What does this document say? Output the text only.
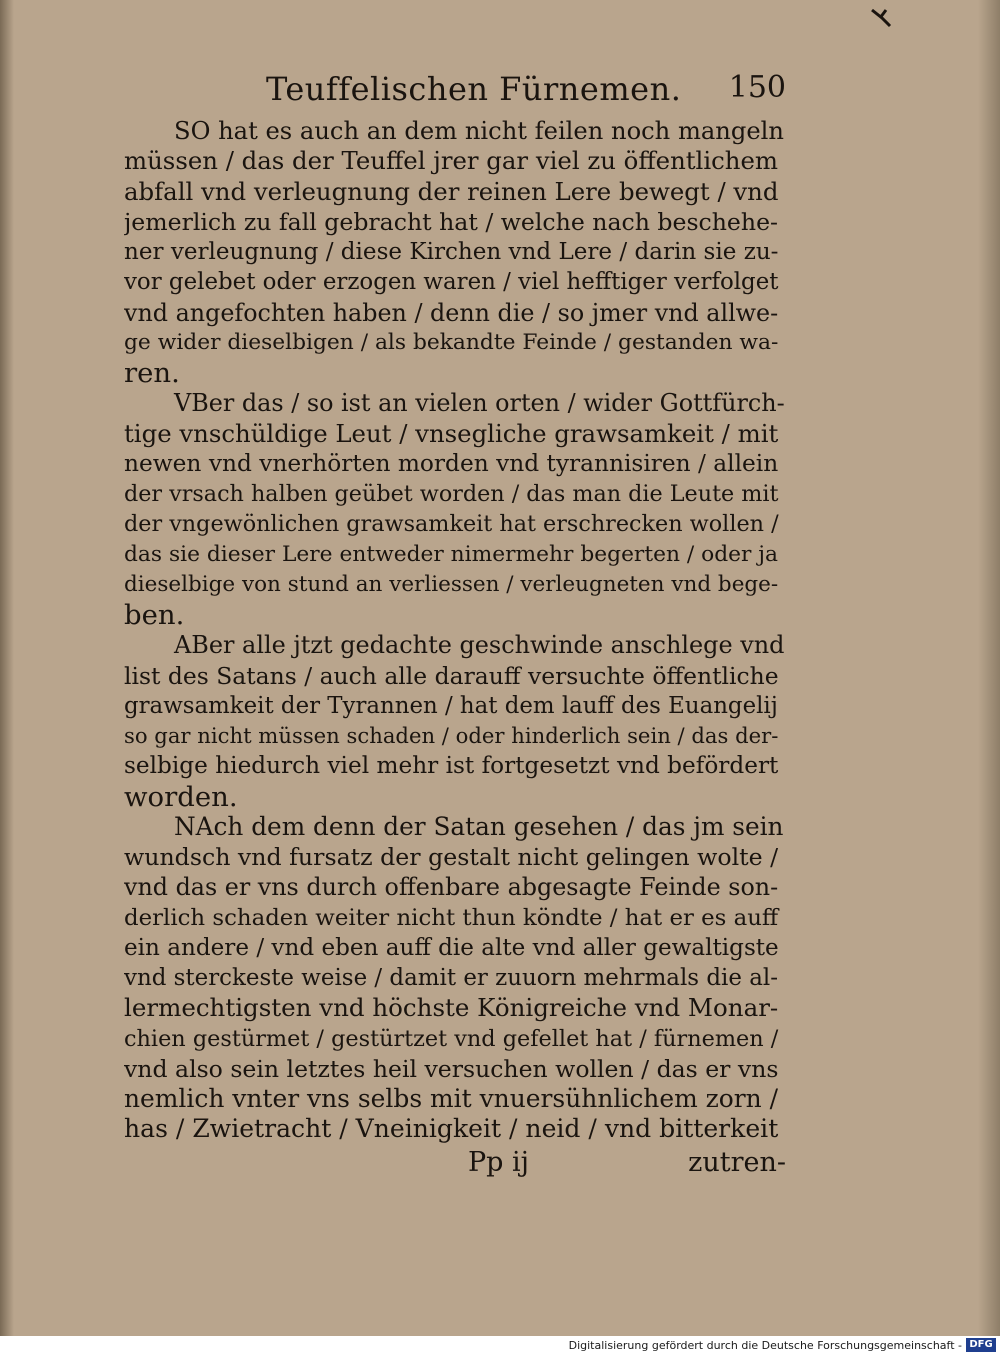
Teuffelischen Fürnemen. 150

SO hat es auch an dem nicht feilen noch mangeln
müssen / das der Teuffel jrer gar viel zu öffentlichem
abfall vnd verleugnung der reinen Lere bewegt / vnd
jemerlich zu fall gebracht hat / welche nach beschehe-
ner verleugnung / diese Kirchen vnd Lere / darin sie zu-
vor gelebet oder erzogen waren / viel hefftiger verfolget
vnd angefochten haben / denn die / so jmer vnd allwe-
ge wider dieselbigen / als bekandte Feinde / gestanden wa-
ren.

VBer das / so ist an vielen orten / wider Gottfürch-
tige vnschüldige Leut / vnsegliche grawsamkeit / mit
newen vnd vnerhörten morden vnd tyrannisiren / allein
der vrsach halben geübet worden / das man die Leute mit
der vngewönlichen grawsamkeit hat erschrecken wollen /
das sie dieser Lere entweder nimermehr begerten / oder ja
dieselbige von stund an verliessen / verleugneten vnd bege-
ben.

ABer alle jtzt gedachte geschwinde anschlege vnd
list des Satans / auch alle darauff versuchte öffentliche
grawsamkeit der Tyrannen / hat dem lauff des Euangelij
so gar nicht müssen schaden / oder hinderlich sein / das der-
selbige hiedurch viel mehr ist fortgesetzt vnd befördert
worden.

NAch dem denn der Satan gesehen / das jm sein
wundsch vnd fursatz der gestalt nicht gelingen wolte /
vnd das er vns durch offenbare abgesagte Feinde son-
derlich schaden weiter nicht thun köndte / hat er es auff
ein andere / vnd eben auff die alte vnd aller gewaltigste
vnd sterckeste weise / damit er zuuorn mehrmals die al-
lermechtigsten vnd höchste Königreiche vnd Monar-
chien gestürmet / gestürtzet vnd gefellet hat / fürnemen /
vnd also sein letztes heil versuchen wollen / das er vns
nemlich vnter vns selbs mit vnuersühnlichem zorn /
has / Zwietracht / Vneinigkeit / neid / vnd bitterkeit

Pp ij	zutren-
Digitalisierung gefördert durch die Deutsche Forschungsgemeinschaft - DFG
